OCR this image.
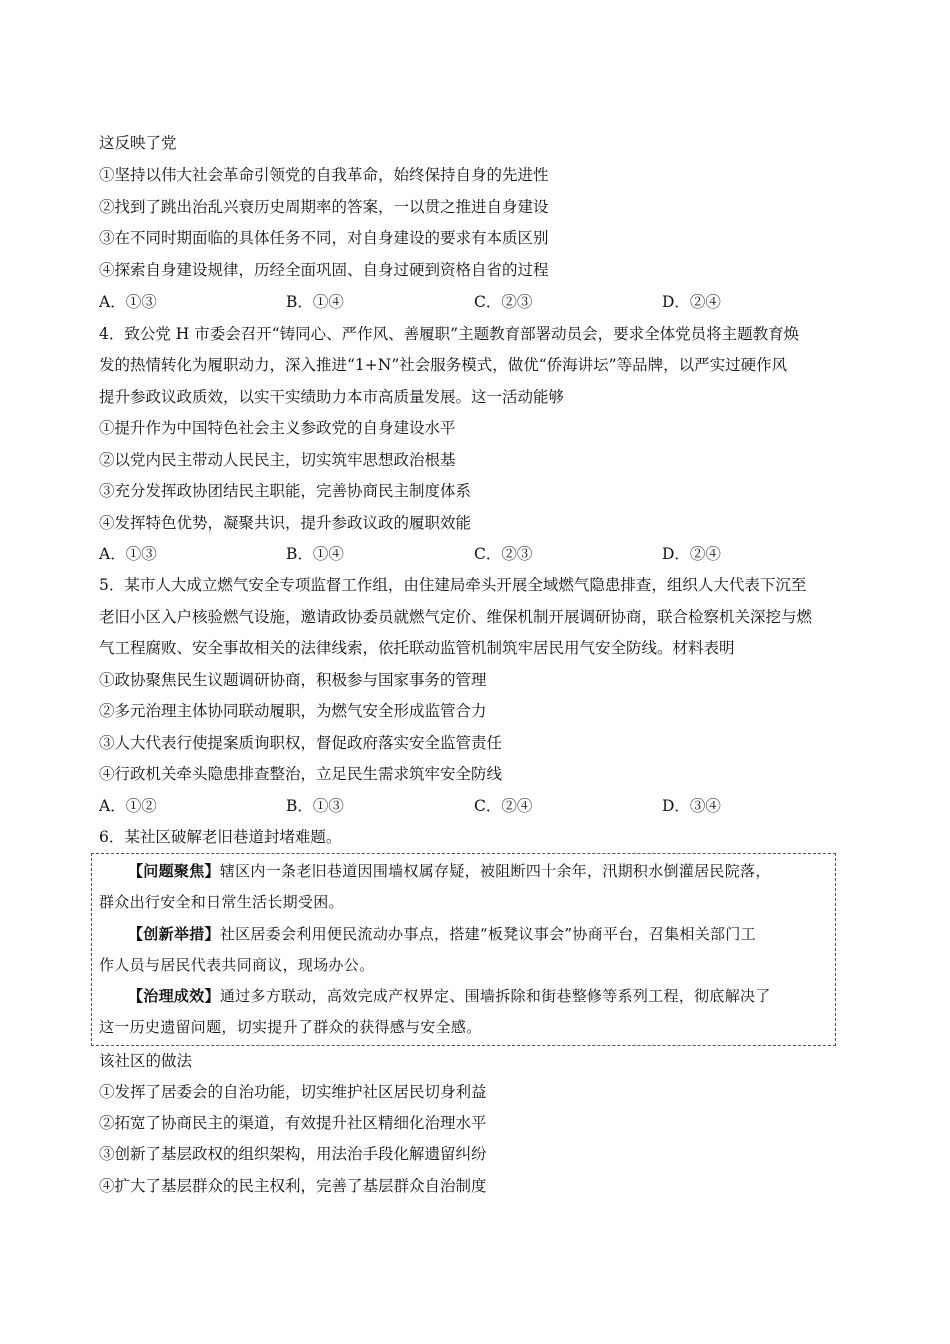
这反映了党
①坚持以伟大社会革命引领党的自我革命，始终保持自身的先进性
②找到了跳出治乱兴衰历史周期率的答案，一以贯之推进自身建设
③在不同时期面临的具体任务不同，对自身建设的要求有本质区别
④探索自身建设规律，历经全面巩固、自身过硬到资格自省的过程
A．①③	B．①④	C．②③	D．②④
4．致公党 H 市委会召开“铸同心、严作风、善履职”主题教育部署动员会，要求全体党员将主题教育焕
发的热情转化为履职动力，深入推进“1+N”社会服务模式，做优“侨海讲坛”等品牌，以严实过硬作风
提升参政议政质效，以实干实绩助力本市高质量发展。这一活动能够
①提升作为中国特色社会主义参政党的自身建设水平
②以党内民主带动人民民主，切实筑牢思想政治根基
③充分发挥政协团结民主职能，完善协商民主制度体系
④发挥特色优势，凝聚共识，提升参政议政的履职效能
A．①③	B．①④	C．②③	D．②④
5．某市人大成立燃气安全专项监督工作组，由住建局牵头开展全域燃气隐患排查，组织人大代表下沉至
老旧小区入户核验燃气设施，邀请政协委员就燃气定价、维保机制开展调研协商，联合检察机关深挖与燃
气工程腐败、安全事故相关的法律线索，依托联动监管机制筑牢居民用气安全防线。材料表明
①政协聚焦民生议题调研协商，积极参与国家事务的管理
②多元治理主体协同联动履职，为燃气安全形成监管合力
③人大代表行使提案质询职权，督促政府落实安全监管责任
④行政机关牵头隐患排查整治，立足民生需求筑牢安全防线
A．①②	B．①③	C．②④	D．③④
6．某社区破解老旧巷道封堵难题。
【问题聚焦】辖区内一条老旧巷道因围墙权属存疑，被阻断四十余年，汛期积水倒灌居民院落，
群众出行安全和日常生活长期受困。
【创新举措】社区居委会利用便民流动办事点，搭建“板凳议事会”协商平台，召集相关部门工
作人员与居民代表共同商议，现场办公。
【治理成效】通过多方联动，高效完成产权界定、围墙拆除和街巷整修等系列工程，彻底解决了
这一历史遗留问题，切实提升了群众的获得感与安全感。
该社区的做法
①发挥了居委会的自治功能，切实维护社区居民切身利益
②拓宽了协商民主的渠道，有效提升社区精细化治理水平
③创新了基层政权的组织架构，用法治手段化解遗留纠纷
④扩大了基层群众的民主权利，完善了基层群众自治制度
